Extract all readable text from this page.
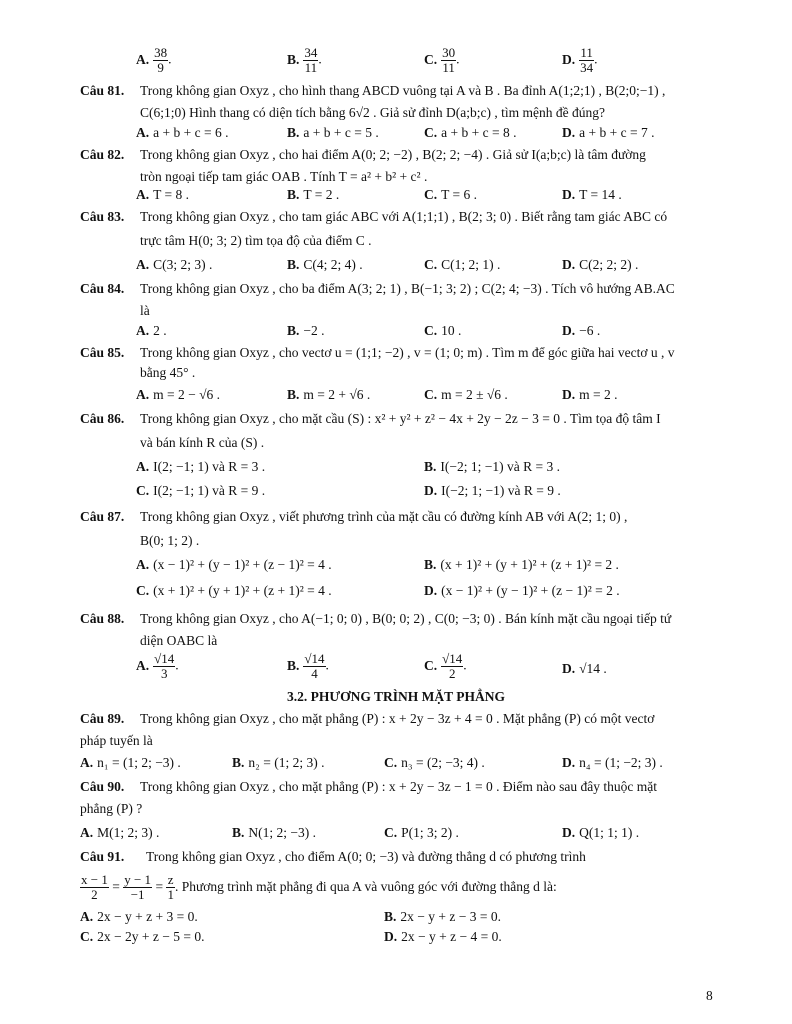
A. $\frac{38}{9}$ .	B. $\frac{34}{11}$ .	C. $\frac{30}{11}$ .	D. $\frac{11}{34}$ .
Câu 81. Trong không gian Oxyz , cho hình thang ABCD vuông tại A và B . Ba đỉnh A(1;2;1) , B(2;0;−1) ,
C(6;1;0) Hình thang có diện tích bằng 6√2 . Giả sử đỉnh D(a;b;c) , tìm mệnh đề đúng?
A. a + b + c = 6 .	B. a + b + c = 5 .	C. a + b + c = 8 .	D. a + b + c = 7 .
Câu 82. Trong không gian Oxyz , cho hai điểm A(0; 2; −2) , B(2; 2; −4) . Giả sử I(a;b;c) là tâm đường
tròn ngoại tiếp tam giác OAB . Tính T = a² + b² + c² .
A. T = 8 .	B. T = 2 .	C. T = 6 .	D. T = 14 .
Câu 83. Trong không gian Oxyz , cho tam giác ABC với A(1;1;1) , B(2; 3; 0) . Biết rằng tam giác ABC có
trực tâm H(0; 3; 2) tìm tọa độ của điểm C .
A. C(3; 2; 3) .	B. C(4; 2; 4) .	C. C(1; 2; 1) .	D. C(2; 2; 2) .
Câu 84. Trong không gian Oxyz , cho ba điểm A(3; 2; 1) , B(−1; 3; 2) ; C(2; 4; −3) . Tích vô hướng AB.AC
là
A. 2 .	B. −2 .	C. 10 .	D. −6 .
Câu 85. Trong không gian Oxyz , cho vectơ u = (1;1; −2) , v = (1; 0; m) . Tìm m để góc giữa hai vectơ u , v
bằng 45° .
A. m = 2 − √6 .	B. m = 2 + √6 .	C. m = 2 ± √6 .	D. m = 2 .
Câu 86. Trong không gian Oxyz , cho mặt cầu (S) : x² + y² + z² − 4x + 2y − 2z − 3 = 0 . Tìm tọa độ tâm I
và bán kính R của (S) .
A. I(2; −1; 1) và R = 3 .	B. I(−2; 1; −1) và R = 3 .
C. I(2; −1; 1) và R = 9 .	D. I(−2; 1; −1) và R = 9 .
Câu 87. Trong không gian Oxyz , viết phương trình của mặt cầu có đường kính AB với A(2; 1; 0) ,
B(0; 1; 2) .
A. (x − 1)² + (y − 1)² + (z − 1)² = 4 .	B. (x + 1)² + (y + 1)² + (z + 1)² = 2 .
C. (x + 1)² + (y + 1)² + (z + 1)² = 4 .	D. (x − 1)² + (y − 1)² + (z − 1)² = 2 .
Câu 88. Trong không gian Oxyz , cho A(−1; 0; 0) , B(0; 0; 2) , C(0; −3; 0) . Bán kính mặt cầu ngoại tiếp tứ
diện OABC là
A. $\frac{√14}{3}$ .	B. $\frac{√14}{4}$ .	C. $\frac{√14}{2}$ .	D. √14 .
3.2. PHƯƠNG TRÌNH MẶT PHẲNG
Câu 89. Trong không gian Oxyz , cho mặt phẳng (P) : x + 2y − 3z + 4 = 0 . Mặt phẳng (P) có một vectơ
pháp tuyến là
A. n₁ = (1; 2; −3) .	B. n₂ = (1; 2; 3) .	C. n₃ = (2; −3; 4) .	D. n₄ = (1; −2; 3) .
Câu 90. Trong không gian Oxyz , cho mặt phẳng (P) : x + 2y − 3z − 1 = 0 . Điểm nào sau đây thuộc mặt
phẳng (P) ?
A. M(1; 2; 3) .	B. N(1; 2; −3) .	C. P(1; 3; 2) .	D. Q(1; 1; 1) .
Câu 91. Trong không gian Oxyz , cho điểm A(0; 0; −3) và đường thẳng d có phương trình
$\frac{x - 1}{2} = \frac{y - 1}{-1} = \frac{z}{1}$ . Phương trình mặt phẳng đi qua A và vuông góc với đường thẳng d là:
A. 2x − y + z + 3 = 0.	B. 2x − y + z − 3 = 0.
C. 2x − 2y + z − 5 = 0.	D. 2x − y + z − 4 = 0.
8
